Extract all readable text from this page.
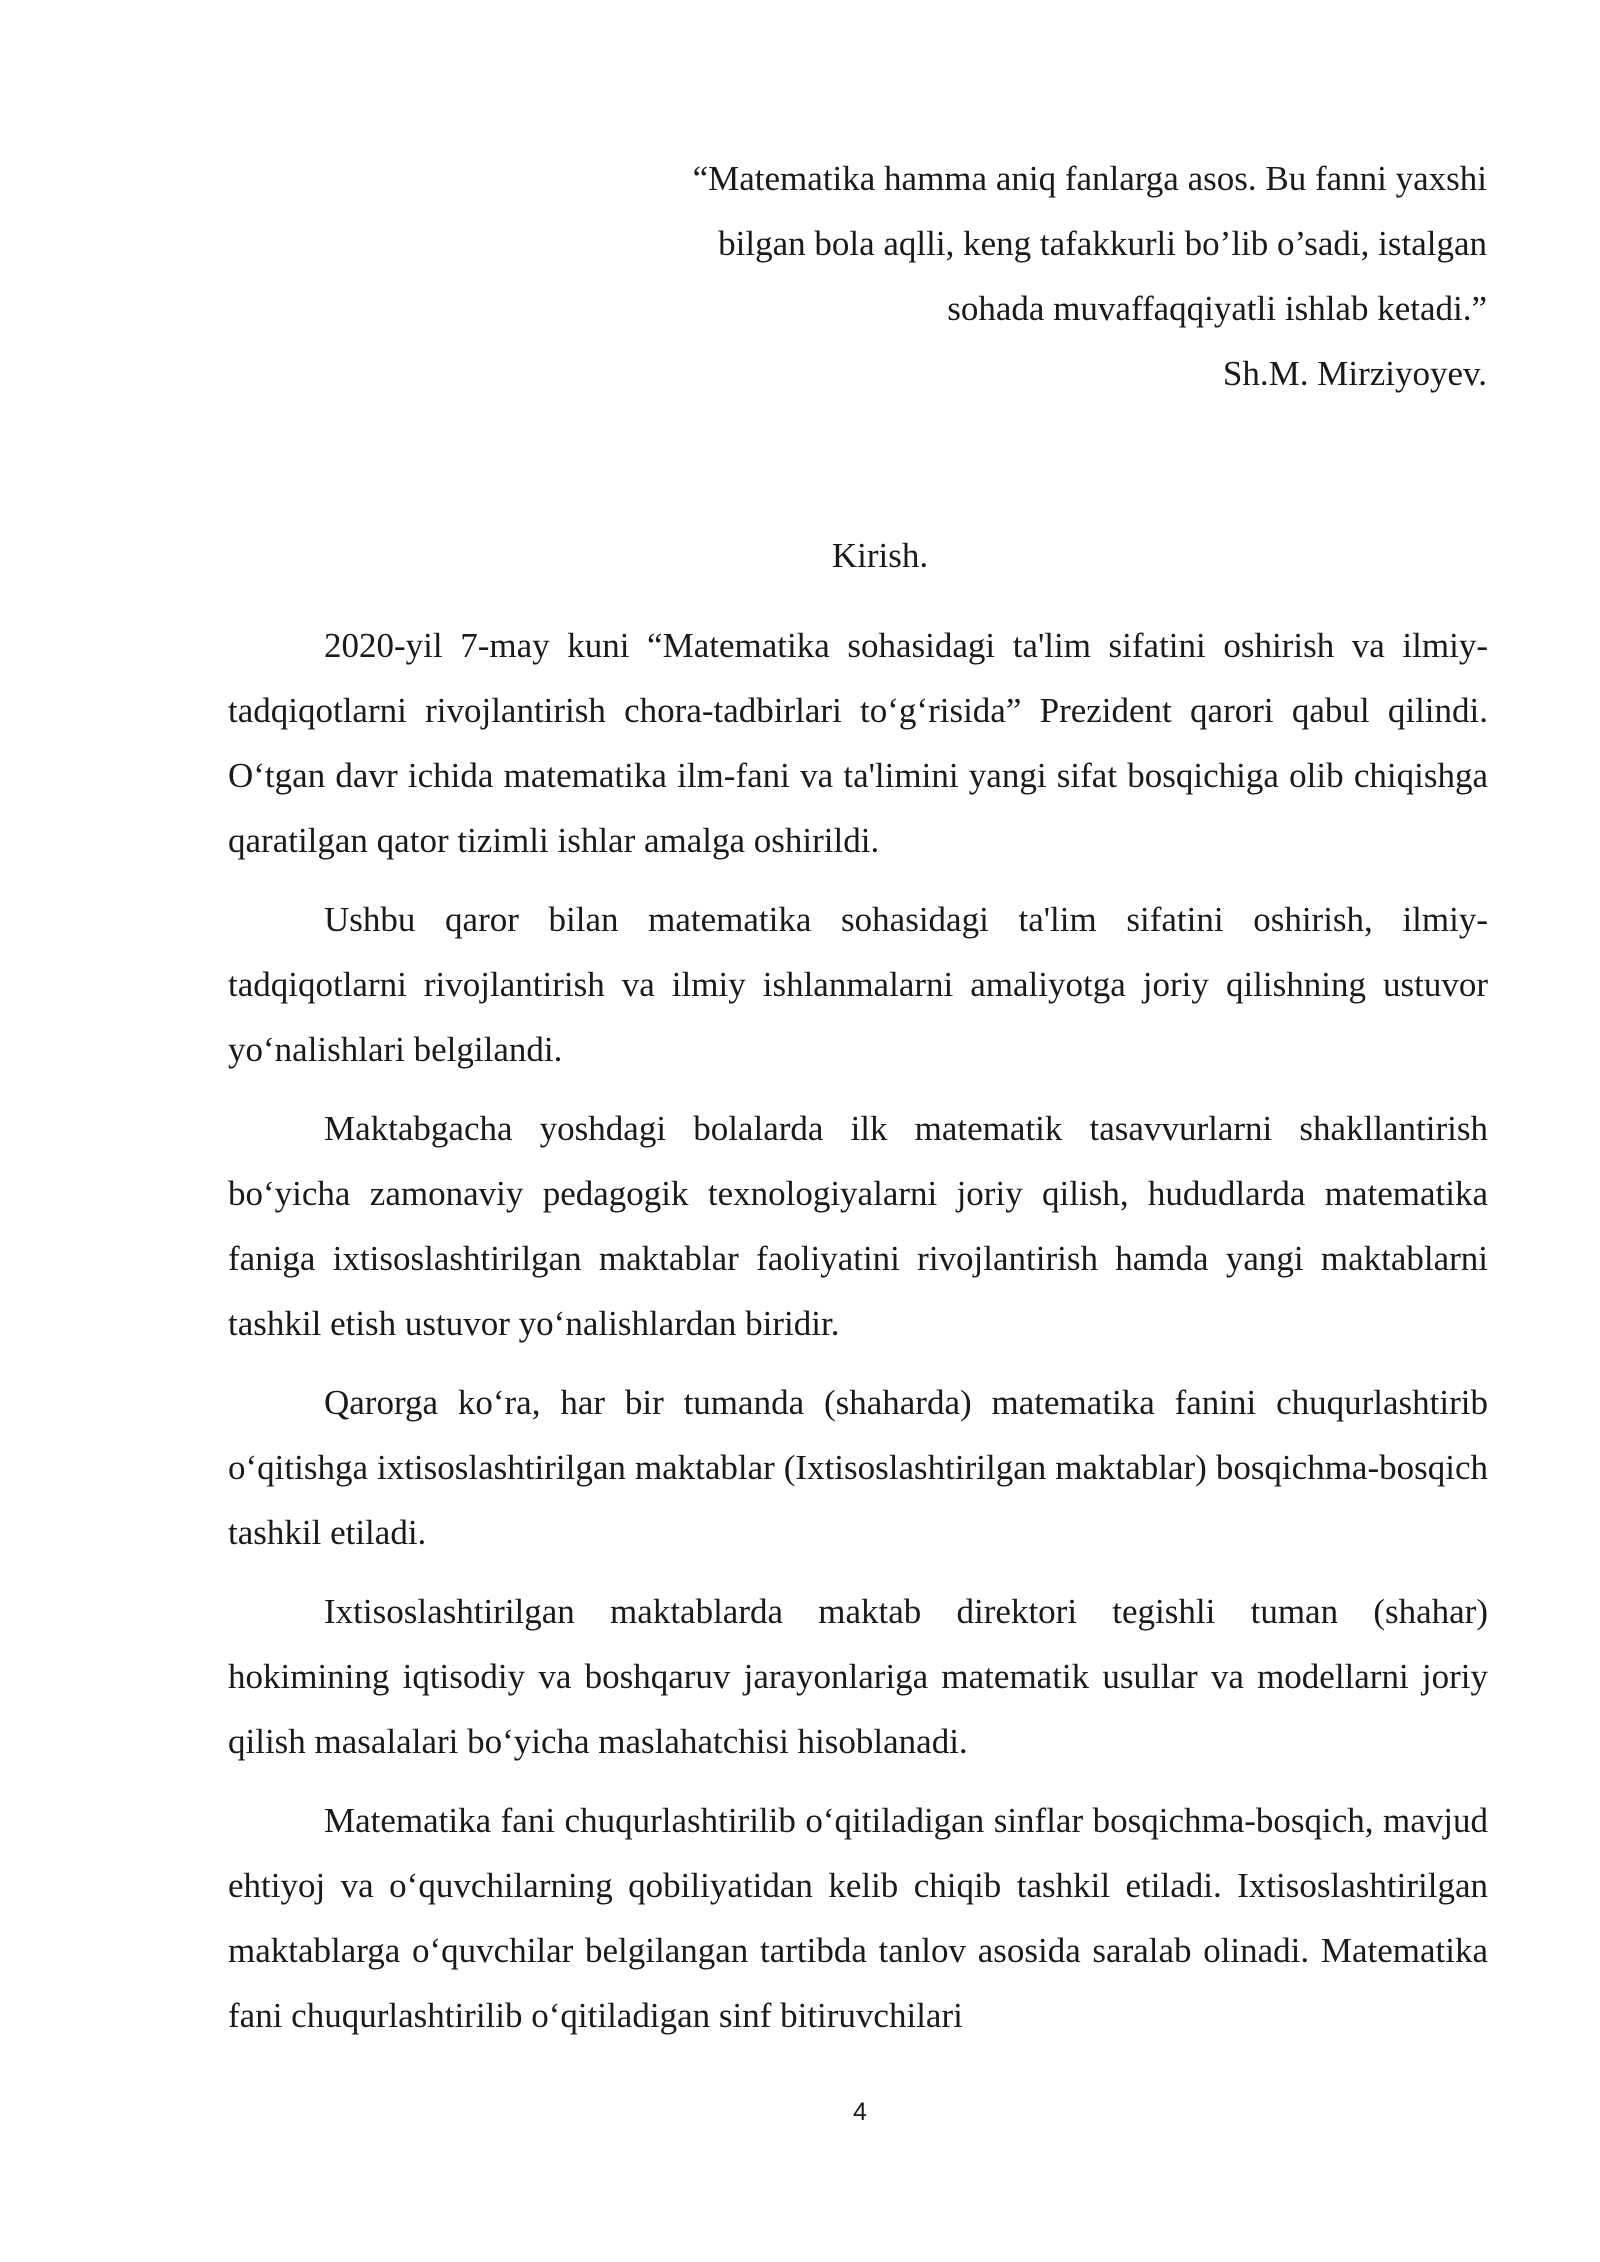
“Matematika hamma aniq fanlarga asos. Bu fanni yaxshi
bilgan bola aqlli, keng tafakkurli bo’lib o’sadi, istalgan
sohada muvaffaqqiyatli ishlab ketadi.”
Sh.M. Mirziyoyev.
Kirish.

2020-yil 7-may kuni “Matematika sohasidagi ta'lim sifatini oshirish va ilmiy-tadqiqotlarni rivojlantirish chora-tadbirlari to‘g‘risida” Prezident qarori qabul qilindi. O‘tgan davr ichida matematika ilm-fani va ta'limini yangi sifat bosqichiga olib chiqishga qaratilgan qator tizimli ishlar amalga oshirildi.

Ushbu qaror bilan matematika sohasidagi ta'lim sifatini oshirish, ilmiy-tadqiqotlarni rivojlantirish va ilmiy ishlanmalarni amaliyotga joriy qilishning ustuvor yo‘nalishlari belgilandi.

Maktabgacha yoshdagi bolalarda ilk matematik tasavvurlarni shakllantirish bo‘yicha zamonaviy pedagogik texnologiyalarni joriy qilish, hududlarda matematika faniga ixtisoslashtirilgan maktablar faoliyatini rivojlantirish hamda yangi maktablarni tashkil etish ustuvor yo‘nalishlardan biridir.

Qarorga ko‘ra, har bir tumanda (shaharda) matematika fanini chuqurlashtirib o‘qitishga ixtisoslashtirilgan maktablar (Ixtisoslashtirilgan maktablar) bosqichma-bosqich tashkil etiladi.

Ixtisoslashtirilgan maktablarda maktab direktori tegishli tuman (shahar) hokimining iqtisodiy va boshqaruv jarayonlariga matematik usullar va modellarni joriy qilish masalalari bo‘yicha maslahatchisi hisoblanadi.

Matematika fani chuqurlashtirilib o‘qitiladigan sinflar bosqichma-bosqich, mavjud ehtiyoj va o‘quvchilarning qobiliyatidan kelib chiqib tashkil etiladi. Ixtisoslashtirilgan maktablarga o‘quvchilar belgilangan tartibda tanlov asosida saralab olinadi. Matematika fani chuqurlashtirilib o‘qitiladigan sinf bitiruvchilari

4
